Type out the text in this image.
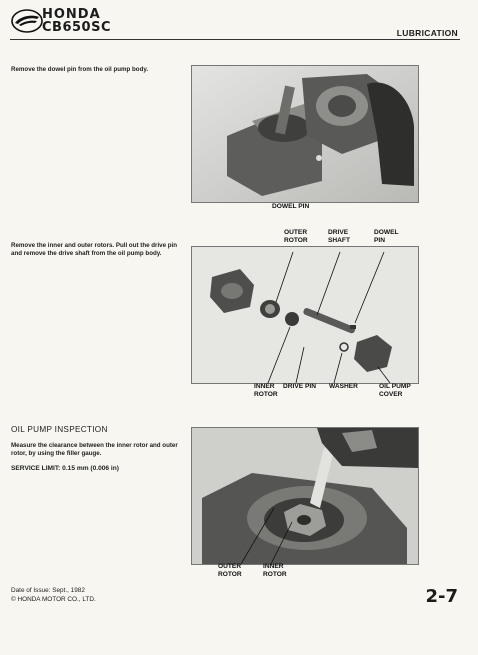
HONDA
CB650SC	LUBRICATION
Remove the dowel pin from the oil pump body.
DOWEL PIN
Remove the inner and outer rotors. Pull out the drive pin and remove the drive shaft from the oil pump body.
OUTER ROTOR
DRIVE SHAFT
DOWEL PIN
INNER ROTOR
DRIVE PIN WASHER	OIL PUMP COVER
OIL PUMP INSPECTION
Measure the clearance between the inner rotor and outer rotor, by using the filler gauge.
SERVICE LIMIT: 0.15 mm (0.006 in)
OUTER ROTOR
INNER ROTOR
Date of Issue: Sept., 1982
© HONDA MOTOR CO., LTD.	2-7
